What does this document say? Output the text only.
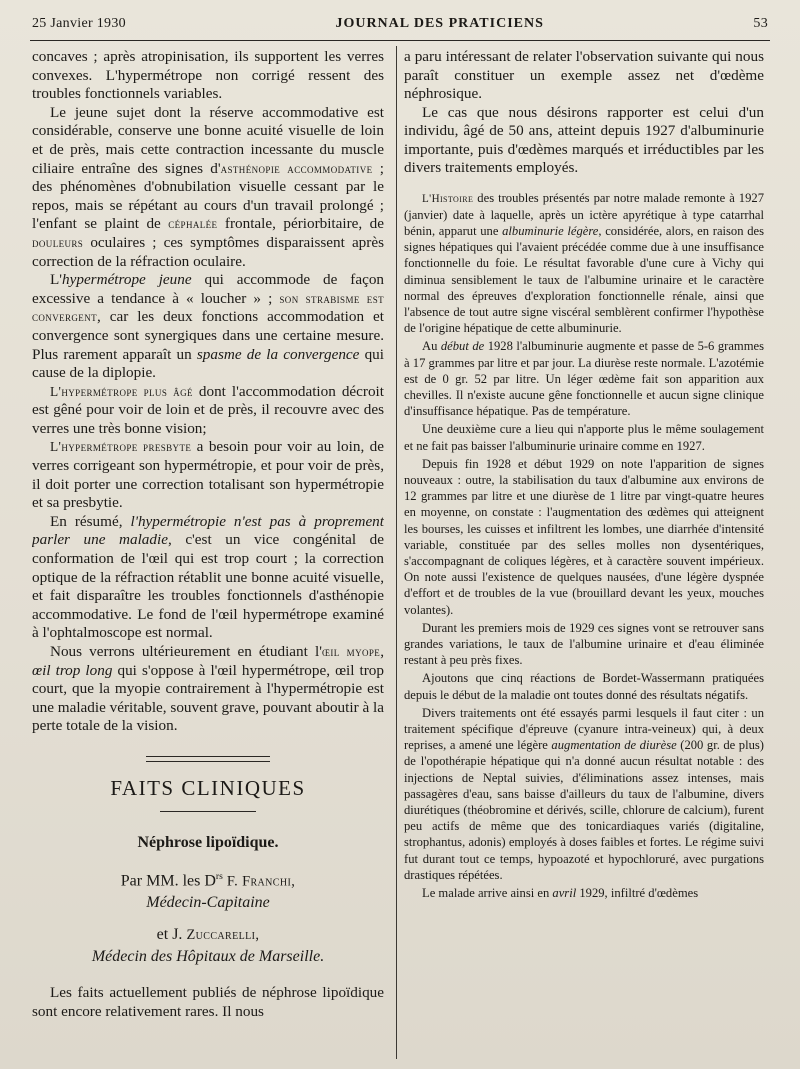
25 Janvier 1930	JOURNAL DES PRATICIENS	53

concaves ; après atropinisation, ils supportent les verres convexes. L'hypermétrope non corrigé ressent des troubles fonctionnels variables.

Le jeune sujet dont la réserve accommodative est considérable, conserve une bonne acuité visuelle de loin et de près, mais cette contraction incessante du muscle ciliaire entraîne des signes d'asthénopie accommodative ; des phénomènes d'obnubilation visuelle cessant par le repos, mais se répétant au cours d'un travail prolongé ; l'enfant se plaint de céphalée frontale, périorbitaire, de douleurs oculaires ; ces symptômes disparaissent après correction de la réfraction oculaire.

L'hypermétrope jeune qui accommode de façon excessive a tendance à « loucher » ; son strabisme est convergent, car les deux fonctions accommodation et convergence sont synergiques dans une certaine mesure. Plus rarement apparaît un spasme de la convergence qui cause de la diplopie.

L'hypermétrope plus âgé dont l'accommodation décroit est gêné pour voir de loin et de près, il recouvre avec des verres une très bonne vision;

L'hypermétrope presbyte a besoin pour voir au loin, de verres corrigeant son hypermétropie, et pour voir de près, il doit porter une correction totalisant son hypermétropie et sa presbytie.

En résumé, l'hypermétropie n'est pas à proprement parler une maladie, c'est un vice congénital de conformation de l'œil qui est trop court ; la correction optique de la réfraction rétablit une bonne acuité visuelle, et fait disparaître les troubles fonctionnels d'asthénopie accommodative. Le fond de l'œil hypermétrope examiné à l'ophtalmoscope est normal.

Nous verrons ultérieurement en étudiant l'œil myope, œil trop long qui s'oppose à l'œil hypermétrope, œil trop court, que la myopie contrairement à l'hypermétropie est une maladie véritable, souvent grave, pouvant aboutir à la perte totale de la vision.

FAITS CLINIQUES
Néphrose lipoïdique.
Par MM. les $D^{rs}$ F. Franchi,
Médecin-Capitaine
et J. Zuccarelli,
Médecin des Hôpitaux de Marseille.

Les faits actuellement publiés de néphrose lipoïdique sont encore relativement rares. Il nous

a paru intéressant de relater l'observation suivante qui nous paraît constituer un exemple assez net d'œdème néphrosique.

Le cas que nous désirons rapporter est celui d'un individu, âgé de 50 ans, atteint depuis 1927 d'albuminurie importante, puis d'œdèmes marqués et irréductibles par les divers traitements employés.

L'Histoire des troubles présentés par notre malade remonte à 1927 (janvier) date à laquelle, après un ictère apyrétique à type catarrhal bénin, apparut une albuminurie légère, considérée, alors, en raison des signes hépatiques qui l'avaient précédée comme due à une insuffisance fonctionnelle du foie. Le résultat favorable d'une cure à Vichy qui diminua sensiblement le taux de l'albumine urinaire et le caractère normal des épreuves d'exploration fonctionnelle rénale, ainsi que l'absence de tout autre signe viscéral semblèrent confirmer l'hypothèse de l'origine hépatique de cette albuminurie.

Au début de 1928 l'albuminurie augmente et passe de 5-6 grammes à 17 grammes par litre et par jour. La diurèse reste normale. L'azotémie est de 0 gr. 52 par litre. Un léger œdème fait son apparition aux chevilles. Il n'existe aucune gêne fonctionnelle et aucun signe clinique d'insuffisance hépatique. Pas de température.

Une deuxième cure a lieu qui n'apporte plus le même soulagement et ne fait pas baisser l'albuminurie urinaire comme en 1927.

Depuis fin 1928 et début 1929 on note l'apparition de signes nouveaux : outre, la stabilisation du taux d'albumine aux environs de 12 grammes par litre et une diurèse de 1 litre par vingt-quatre heures en moyenne, on constate : l'augmentation des œdèmes qui atteignent les bourses, les cuisses et infiltrent les lombes, une diarrhée d'intensité variable, constituée par des selles molles non dysentériques, s'accompagnant de coliques légères, et à caractère souvent impérieux. On note aussi l'existence de quelques nausées, d'une légère dyspnée d'effort et de troubles de la vue (brouillard devant les yeux, mouches volantes).

Durant les premiers mois de 1929 ces signes vont se retrouver sans grandes variations, le taux de l'albumine urinaire et d'eau éliminée restant à peu près fixes.

Ajoutons que cinq réactions de Bordet-Wassermann pratiquées depuis le début de la maladie ont toutes donné des résultats négatifs.

Divers traitements ont été essayés parmi lesquels il faut citer : un traitement spécifique d'épreuve (cyanure intra-veineux) qui, à deux reprises, a amené une légère augmentation de diurèse (200 gr. de plus) de l'opothérapie hépatique qui n'a donné aucun résultat notable : des injections de Neptal suivies, d'éliminations assez intenses, mais passagères d'eau, sans baisse d'ailleurs du taux de l'albumine, divers diurétiques (théobromine et dérivés, scille, chlorure de calcium), furent peu actifs de même que des tonicardiaques variés (digitaline, strophantus, adonis) employés à doses faibles et fortes. Le régime suivi fut durant tout ce temps, hypoazoté et hypochloruré, avec purgations drastiques répétées.

Le malade arrive ainsi en avril 1929, infiltré d'œdèmes
